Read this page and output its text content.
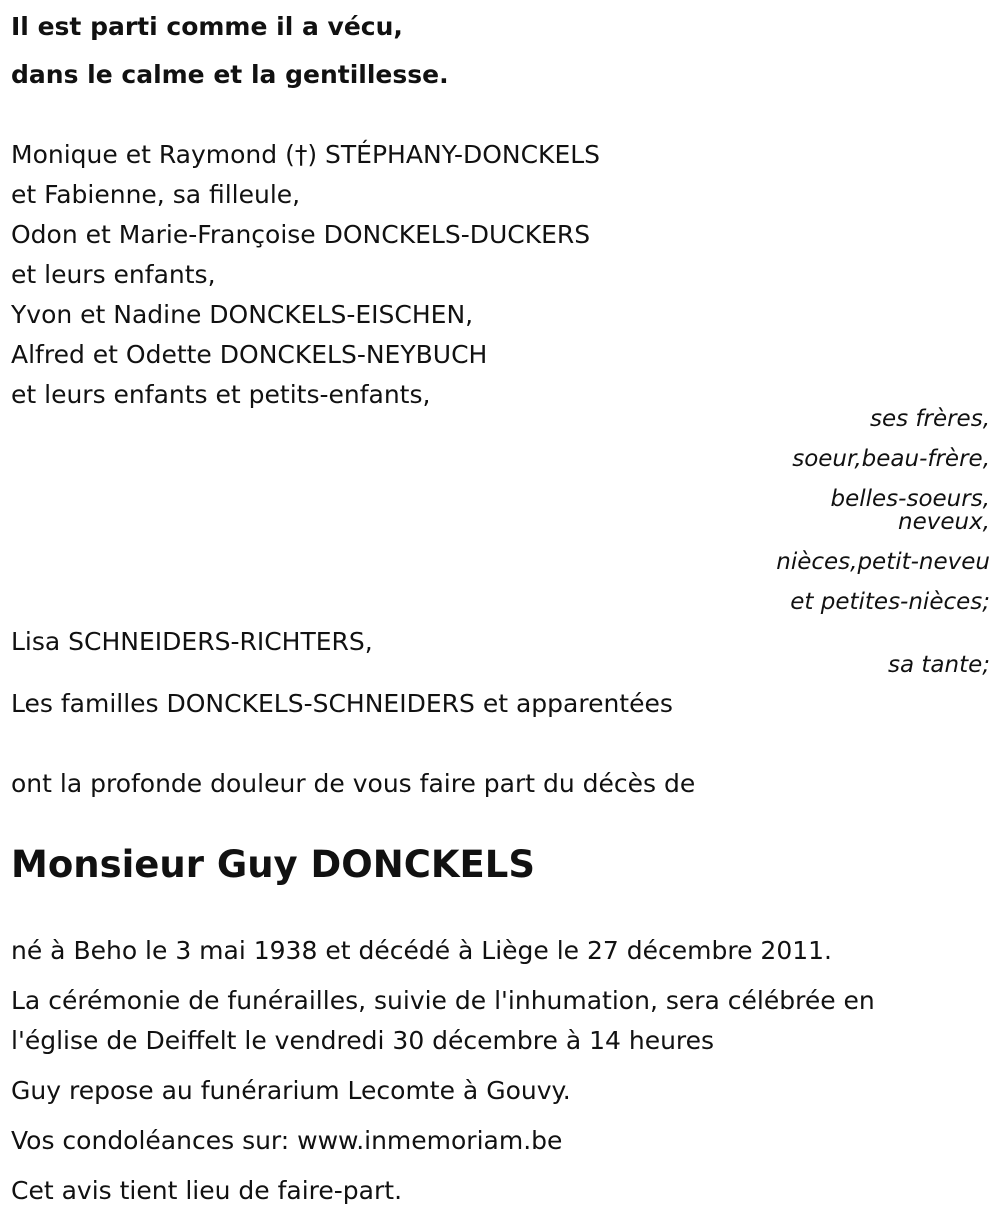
Il est parti comme il a vécu,
dans le calme et la gentillesse.
Monique et Raymond (†) STÉPHANY-DONCKELS
et Fabienne, sa filleule,
Odon et Marie-Françoise DONCKELS-DUCKERS
et leurs enfants,
Yvon et Nadine DONCKELS-EISCHEN,
Alfred et Odette DONCKELS-NEYBUCH
et leurs enfants et petits-enfants,
ses frères,
soeur,beau-frère,
belles-soeurs,
neveux,
nièces,petit-neveu
et petites-nièces;
Lisa SCHNEIDERS-RICHTERS,
sa tante;
Les familles DONCKELS-SCHNEIDERS et apparentées
ont la profonde douleur de vous faire part du décès de
Monsieur Guy DONCKELS
né à Beho le 3 mai 1938 et décédé à Liège le 27 décembre 2011.
La cérémonie de funérailles, suivie de l'inhumation, sera célébrée en
l'église de Deiffelt le vendredi 30 décembre à 14 heures
Guy repose au funérarium Lecomte à Gouvy.
Vos condoléances sur: www.inmemoriam.be
Cet avis tient lieu de faire-part.
